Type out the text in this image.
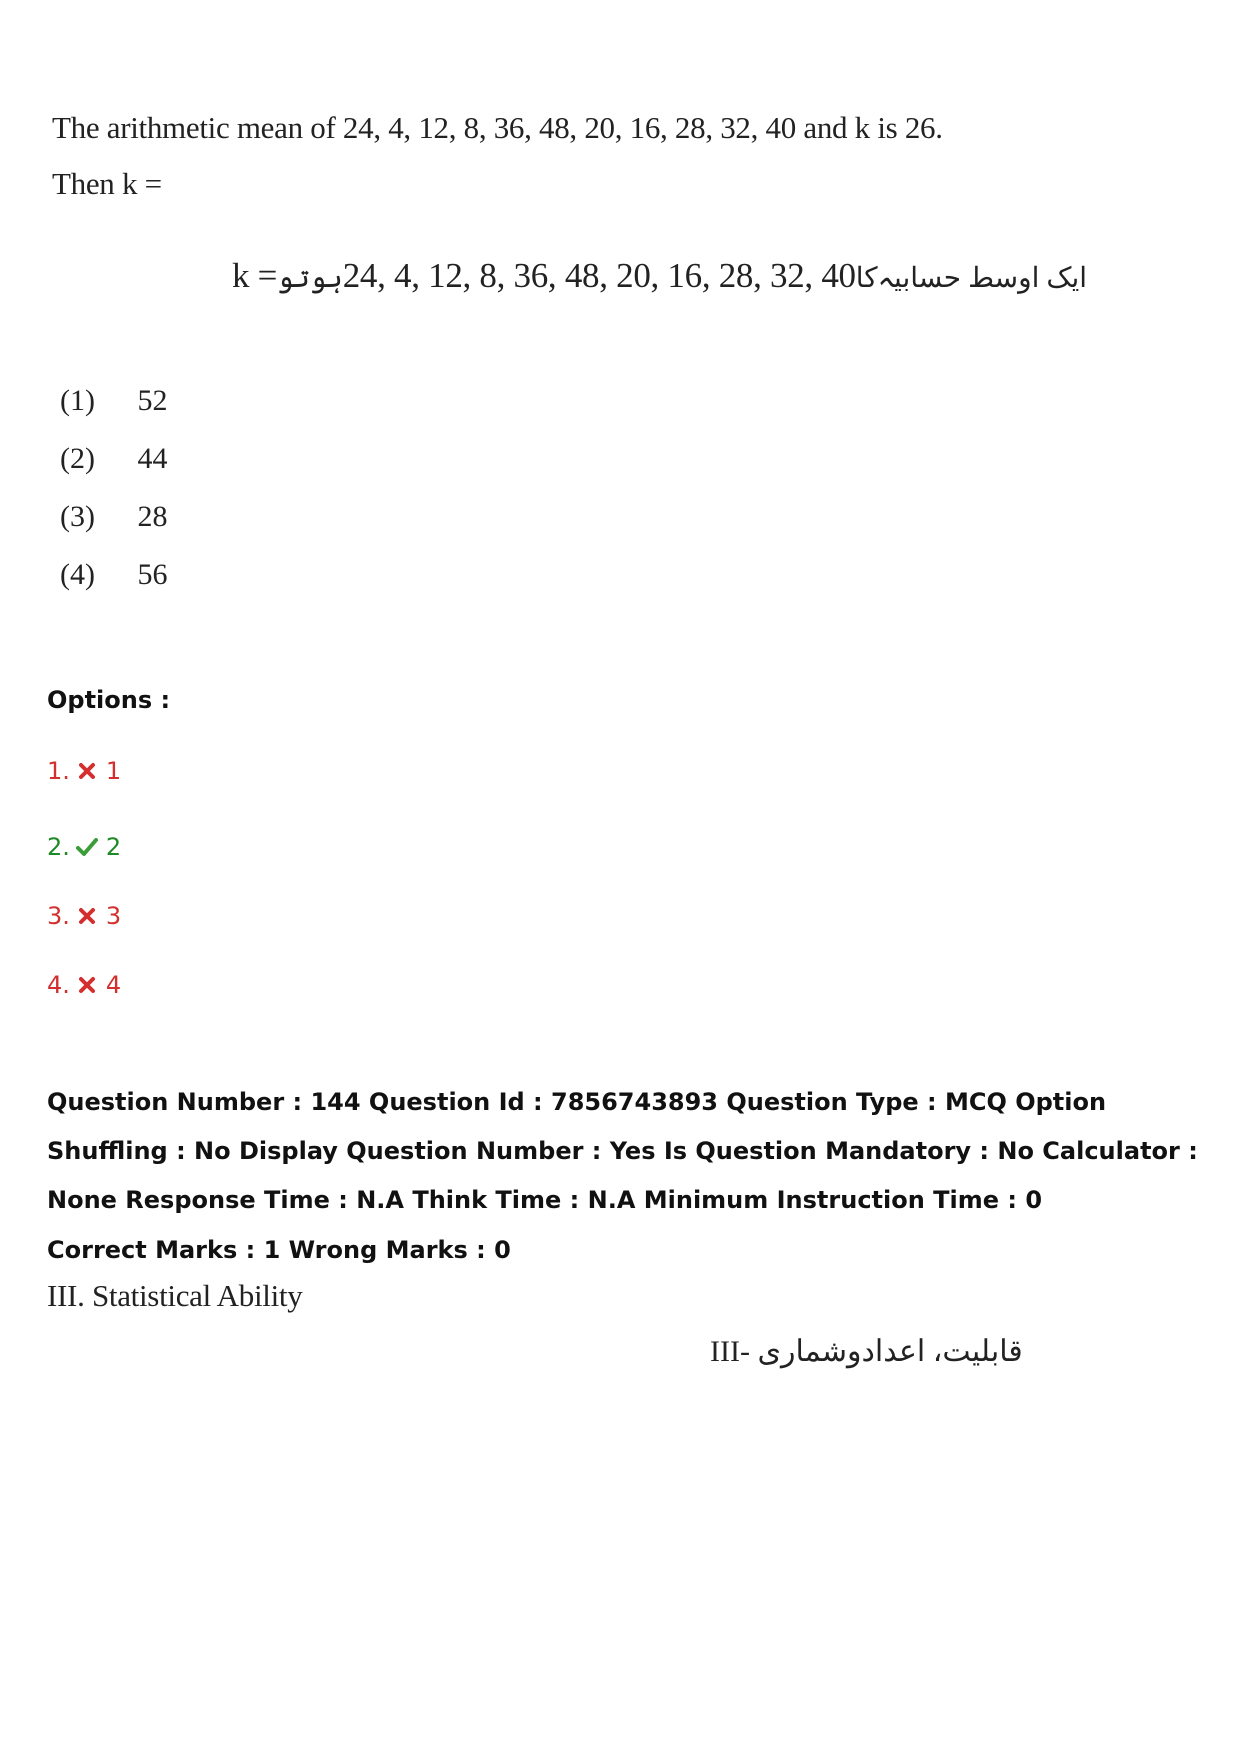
The arithmetic mean of 24, 4, 12, 8, 36, 48, 20, 16, 28, 32, 40 and k is 26.
Then k =
k = ہوتو 24, 4, 12, 8, 36, 48, 20, 16, 28, 32, 40 کا ایک اوسط حسابیہ
(1) 52
(2) 44
(3) 28
(4) 56
Options :
1. 1
2. 2
3. 3
4. 4
Question Number : 144 Question Id : 7856743893 Question Type : MCQ Option Shuffling : No Display Question Number : Yes Is Question Mandatory : No Calculator : None Response Time : N.A Think Time : N.A Minimum Instruction Time : 0
Correct Marks : 1 Wrong Marks : 0
III. Statistical Ability
III- قابلیت، اعدادوشماری
